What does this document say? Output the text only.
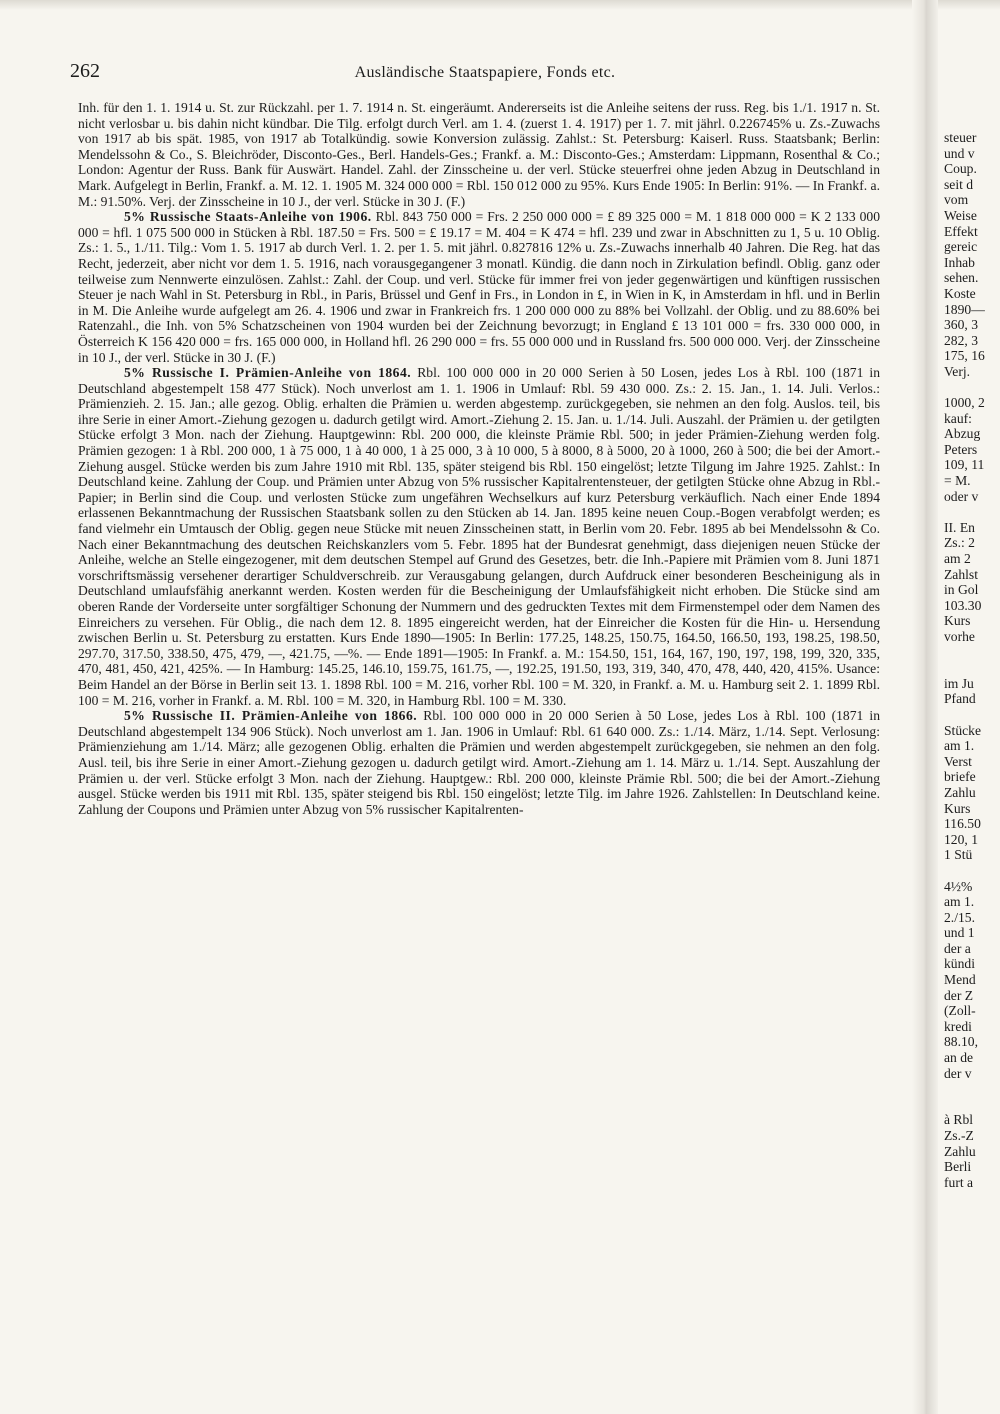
262	Ausländische Staatspapiere, Fonds etc.

Inh. für den 1. 1. 1914 u. St. zur Rückzahl. per 1. 7. 1914 n. St. eingeräumt. Andererseits ist die Anleihe seitens der russ. Reg. bis 1./1. 1917 n. St. nicht verlosbar u. bis dahin nicht kündbar. Die Tilg. erfolgt durch Verl. am 1. 4. (zuerst 1. 4. 1917) per 1. 7. mit jährl. 0.226745% u. Zs.-Zuwachs von 1917 ab bis spät. 1985, von 1917 ab Totalkündig. sowie Konversion zulässig. Zahlst.: St. Petersburg: Kaiserl. Russ. Staatsbank; Berlin: Mendelssohn & Co., S. Bleichröder, Disconto-Ges., Berl. Handels-Ges.; Frankf. a. M.: Disconto-Ges.; Amsterdam: Lippmann, Rosenthal & Co.; London: Agentur der Russ. Bank für Auswärt. Handel. Zahl. der Zinsscheine u. der verl. Stücke steuerfrei ohne jeden Abzug in Deutschland in Mark. Aufgelegt in Berlin, Frankf. a. M. 12. 1. 1905 M. 324 000 000 = Rbl. 150 012 000 zu 95%. Kurs Ende 1905: In Berlin: 91%. — In Frankf. a. M.: 91.50%. Verj. der Zinsscheine in 10 J., der verl. Stücke in 30 J. (F.)

5% Russische Staats-Anleihe von 1906. Rbl. 843 750 000 = Frs. 2 250 000 000 = £ 89 325 000 = M. 1 818 000 000 = K 2 133 000 000 = hfl. 1 075 500 000 in Stücken à Rbl. 187.50 = Frs. 500 = £ 19.17 = M. 404 = K 474 = hfl. 239 und zwar in Abschnitten zu 1, 5 u. 10 Oblig. Zs.: 1. 5., 1./11. Tilg.: Vom 1. 5. 1917 ab durch Verl. 1. 2. per 1. 5. mit jährl. 0.827816 12% u. Zs.-Zuwachs innerhalb 40 Jahren. Die Reg. hat das Recht, jederzeit, aber nicht vor dem 1. 5. 1916, nach vorausgegangener 3 monatl. Kündig. die dann noch in Zirkulation befindl. Oblig. ganz oder teilweise zum Nennwerte einzulösen. Zahlst.: Zahl. der Coup. und verl. Stücke für immer frei von jeder gegenwärtigen und künftigen russischen Steuer je nach Wahl in St. Petersburg in Rbl., in Paris, Brüssel und Genf in Frs., in London in £, in Wien in K, in Amsterdam in hfl. und in Berlin in M. Die Anleihe wurde aufgelegt am 26. 4. 1906 und zwar in Frankreich frs. 1 200 000 000 zu 88% bei Vollzahl. der Oblig. und zu 88.60% bei Ratenzahl., die Inh. von 5% Schatzscheinen von 1904 wurden bei der Zeichnung bevorzugt; in England £ 13 101 000 = frs. 330 000 000, in Österreich K 156 420 000 = frs. 165 000 000, in Holland hfl. 26 290 000 = frs. 55 000 000 und in Russland frs. 500 000 000. Verj. der Zinsscheine in 10 J., der verl. Stücke in 30 J. (F.)

5% Russische I. Prämien-Anleihe von 1864. Rbl. 100 000 000 in 20 000 Serien à 50 Losen, jedes Los à Rbl. 100 (1871 in Deutschland abgestempelt 158 477 Stück). Noch unverlost am 1. 1. 1906 in Umlauf: Rbl. 59 430 000. Zs.: 2. 15. Jan., 1. 14. Juli. Verlos.: Prämienzieh. 2. 15. Jan.; alle gezog. Oblig. erhalten die Prämien u. werden abgestemp. zurückgegeben, sie nehmen an den folg. Auslos. teil, bis ihre Serie in einer Amort.-Ziehung gezogen u. dadurch getilgt wird. Amort.-Ziehung 2. 15. Jan. u. 1./14. Juli. Auszahl. der Prämien u. der getilgten Stücke erfolgt 3 Mon. nach der Ziehung. Hauptgewinn: Rbl. 200 000, die kleinste Prämie Rbl. 500; in jeder Prämien-Ziehung werden folg. Prämien gezogen: 1 à Rbl. 200 000, 1 à 75 000, 1 à 40 000, 1 à 25 000, 3 à 10 000, 5 à 8000, 8 à 5000, 20 à 1000, 260 à 500; die bei der Amort.-Ziehung ausgel. Stücke werden bis zum Jahre 1910 mit Rbl. 135, später steigend bis Rbl. 150 eingelöst; letzte Tilgung im Jahre 1925. Zahlst.: In Deutschland keine. Zahlung der Coup. und Prämien unter Abzug von 5% russischer Kapitalrentensteuer, der getilgten Stücke ohne Abzug in Rbl.-Papier; in Berlin sind die Coup. und verlosten Stücke zum ungefähren Wechselkurs auf kurz Petersburg verkäuflich. Nach einer Ende 1894 erlassenen Bekanntmachung der Russischen Staatsbank sollen zu den Stücken ab 14. Jan. 1895 keine neuen Coup.-Bogen verabfolgt werden; es fand vielmehr ein Umtausch der Oblig. gegen neue Stücke mit neuen Zinsscheinen statt, in Berlin vom 20. Febr. 1895 ab bei Mendelssohn & Co. Nach einer Bekanntmachung des deutschen Reichskanzlers vom 5. Febr. 1895 hat der Bundesrat genehmigt, dass diejenigen neuen Stücke der Anleihe, welche an Stelle eingezogener, mit dem deutschen Stempel auf Grund des Gesetzes, betr. die Inh.-Papiere mit Prämien vom 8. Juni 1871 vorschriftsmässig versehener derartiger Schuldverschreib. zur Verausgabung gelangen, durch Aufdruck einer besonderen Bescheinigung als in Deutschland umlaufsfähig anerkannt werden. Kosten werden für die Bescheinigung der Umlaufsfähigkeit nicht erhoben. Die Stücke sind am oberen Rande der Vorderseite unter sorgfältiger Schonung der Nummern und des gedruckten Textes mit dem Firmenstempel oder dem Namen des Einreichers zu versehen. Für Oblig., die nach dem 12. 8. 1895 eingereicht werden, hat der Einreicher die Kosten für die Hin- u. Hersendung zwischen Berlin u. St. Petersburg zu erstatten. Kurs Ende 1890—1905: In Berlin: 177.25, 148.25, 150.75, 164.50, 166.50, 193, 198.25, 198.50, 297.70, 317.50, 338.50, 475, 479, —, 421.75, —%. — Ende 1891—1905: In Frankf. a. M.: 154.50, 151, 164, 167, 190, 197, 198, 199, 320, 335, 470, 481, 450, 421, 425%. — In Hamburg: 145.25, 146.10, 159.75, 161.75, —, 192.25, 191.50, 193, 319, 340, 470, 478, 440, 420, 415%. Usance: Beim Handel an der Börse in Berlin seit 13. 1. 1898 Rbl. 100 = M. 216, vorher Rbl. 100 = M. 320, in Frankf. a. M. u. Hamburg seit 2. 1. 1899 Rbl. 100 = M. 216, vorher in Frankf. a. M. Rbl. 100 = M. 320, in Hamburg Rbl. 100 = M. 330.

5% Russische II. Prämien-Anleihe von 1866. Rbl. 100 000 000 in 20 000 Serien à 50 Lose, jedes Los à Rbl. 100 (1871 in Deutschland abgestempelt 134 906 Stück). Noch unverlost am 1. Jan. 1906 in Umlauf: Rbl. 61 640 000. Zs.: 1./14. März, 1./14. Sept. Verlosung: Prämienziehung am 1./14. März; alle gezogenen Oblig. erhalten die Prämien und werden abgestempelt zurückgegeben, sie nehmen an den folg. Ausl. teil, bis ihre Serie in einer Amort.-Ziehung gezogen u. dadurch getilgt wird. Amort.-Ziehung am 1. 14. März u. 1./14. Sept. Auszahlung der Prämien u. der verl. Stücke erfolgt 3 Mon. nach der Ziehung. Hauptgew.: Rbl. 200 000, kleinste Prämie Rbl. 500; die bei der Amort.-Ziehung ausgel. Stücke werden bis 1911 mit Rbl. 135, später steigend bis Rbl. 150 eingelöst; letzte Tilg. im Jahre 1926. Zahlstellen: In Deutschland keine. Zahlung der Coupons und Prämien unter Abzug von 5% russischer Kapitalrenten-

steuer
und v
Coup.
seit d
vom
Weise
Effekt
gereic
Inhab
sehen.
Koste
1890—
360, 3
282, 3
175, 16
Verj.
1000, 2
kauf:
Abzug
Peters
109, 11
= M.
oder v
II. En
Zs.: 2
am 2
Zahlst
in Gol
103.30
Kurs
vorhe
im Ju
Pfand
Stücke
am 1.
Verst
briefe
Zahlu
Kurs
116.50
120, 1
1 Stü
4½%
am 1.
2./15.
und 1
der a
kündi
Mend
der Z
(Zoll-
kredi
88.10,
an de
der v
à Rbl
Zs.-Z
Zahlu
Berli
furt a
